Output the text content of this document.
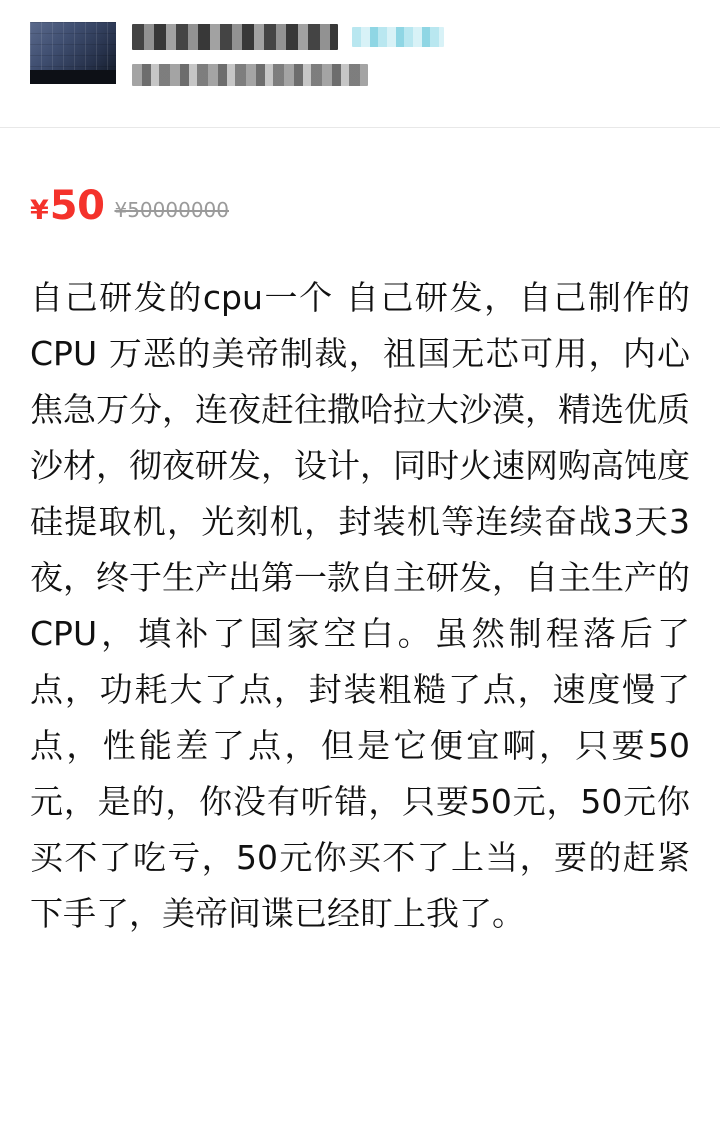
¥ 50 ¥50000000
自己研发的cpu一个 自己研发，自己制作的CPU 万恶的美帝制裁，祖国无芯可用，内心焦急万分，连夜赶往撒哈拉大沙漠，精选优质沙材，彻夜研发，设计，同时火速网购高饨度硅提取机，光刻机，封装机等连续奋战3天3夜，终于生产出第一款自主研发，自主生产的CPU，填补了国家空白。虽然制程落后了点，功耗大了点，封装粗糙了点，速度慢了点，性能差了点，但是它便宜啊，只要50元，是的，你没有听错，只要50元，50元你买不了吃亏，50元你买不了上当，要的赶紧下手了，美帝间谍已经盯上我了。
